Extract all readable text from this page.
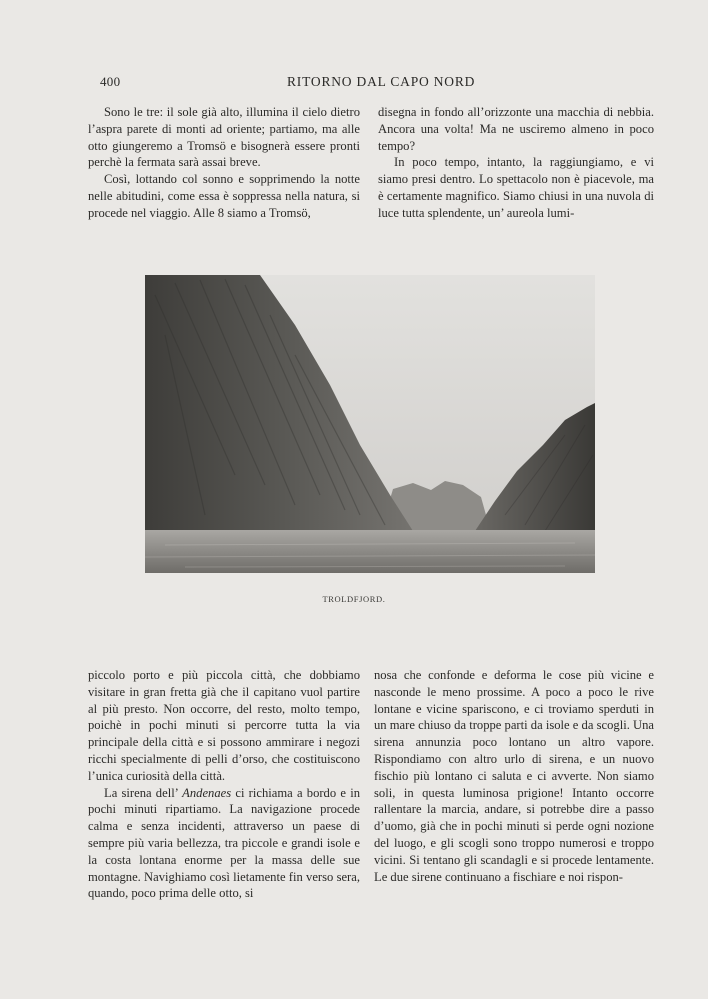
400	RITORNO DAL CAPO NORD

Sono le tre: il sole già alto, illumina il cielo dietro l’aspra parete di monti ad oriente; partiamo, ma alle otto giungeremo a Tromsö e bisognerà essere pronti perchè la fermata sarà assai breve.

Così, lottando col sonno e sopprimendo la notte nelle abitudini, come essa è soppressa nella natura, si procede nel viaggio. Alle 8 siamo a Tromsö,

disegna in fondo all’orizzonte una macchia di nebbia. Ancora una volta! Ma ne usciremo almeno in poco tempo?

In poco tempo, intanto, la raggiungiamo, e vi siamo presi dentro. Lo spettacolo non è piacevole, ma è certamente magnifico. Siamo chiusi in una nuvola di luce tutta splendente, un’ aureola lumi-

TROLDFJORD.

piccolo porto e più piccola città, che dobbiamo visitare in gran fretta già che il capitano vuol partire al più presto. Non occorre, del resto, molto tempo, poichè in pochi minuti si percorre tutta la via principale della città e si possono ammirare i negozi ricchi specialmente di pelli d’orso, che costituiscono l’unica curiosità della città.

La sirena dell’ Andenaes ci richiama a bordo e in pochi minuti ripartiamo. La navigazione procede calma e senza incidenti, attraverso un paese di sempre più varia bellezza, tra piccole e grandi isole e la costa lontana enorme per la massa delle sue montagne. Navighiamo così lietamente fin verso sera, quando, poco prima delle otto, si

nosa che confonde e deforma le cose più vicine e nasconde le meno prossime. A poco a poco le rive lontane e vicine spariscono, e ci troviamo sperduti in un mare chiuso da troppe parti da isole e da scogli. Una sirena annunzia poco lontano un altro vapore. Rispondiamo con altro urlo di sirena, e un nuovo fischio più lontano ci saluta e ci avverte. Non siamo soli, in questa luminosa prigione! Intanto occorre rallentare la marcia, andare, si potrebbe dire a passo d’uomo, già che in pochi minuti si perde ogni nozione del luogo, e gli scogli sono troppo numerosi e troppo vicini. Si tentano gli scandagli e si procede lentamente. Le due sirene continuano a fischiare e noi rispon-
